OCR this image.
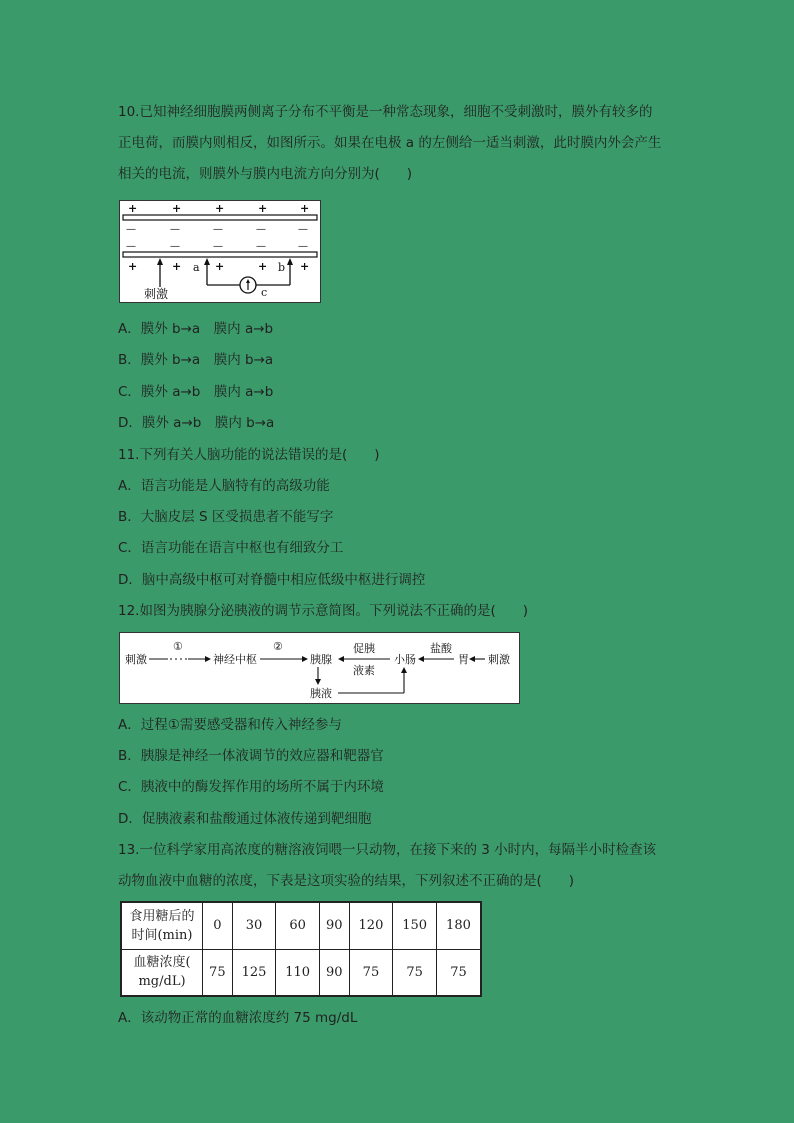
10.已知神经细胞膜两侧离子分布不平衡是一种常态现象，细胞不受刺激时，膜外有较多的
正电荷，而膜内则相反，如图所示。如果在电极 a 的左侧给一适当刺激，此时膜内外会产生
相关的电流，则膜外与膜内电流方向分别为(　　)
+	+	+	+	+
—	—	—	—	—
—	—	—	—	—
+	+	+	+	+
刺激
a	b
c
A．膜外 b→a　膜内 a→b
B．膜外 b→a　膜内 b→a
C．膜外 a→b　膜内 a→b
D．膜外 a→b　膜内 b→a
11.下列有关人脑功能的说法错误的是(　　)
A．语言功能是人脑特有的高级功能
B．大脑皮层 S 区受损患者不能写字
C．语言功能在语言中枢也有细致分工
D．脑中高级中枢可对脊髓中相应低级中枢进行调控
12.如图为胰腺分泌胰液的调节示意简图。下列说法不正确的是(　　)
刺激
①
神经中枢
②
胰腺
促胰
液素
小肠
盐酸
胃 刺激
胰液
A．过程①需要感受器和传入神经参与
B．胰腺是神经一体液调节的效应器和靶器官
C．胰液中的酶发挥作用的场所不属于内环境
D．促胰液素和盐酸通过体液传递到靶细胞
13.一位科学家用高浓度的糖溶液饲喂一只动物，在接下来的 3 小时内，每隔半小时检查该
动物血液中血糖的浓度，下表是这项实验的结果，下列叙述不正确的是(　　)
食用糖后的
时间(min)	0	30	60	90	120	150	180

血糖浓度(
mg/dL)	75	125	110	90	75	75	75
A．该动物正常的血糖浓度约 75 mg/dL
